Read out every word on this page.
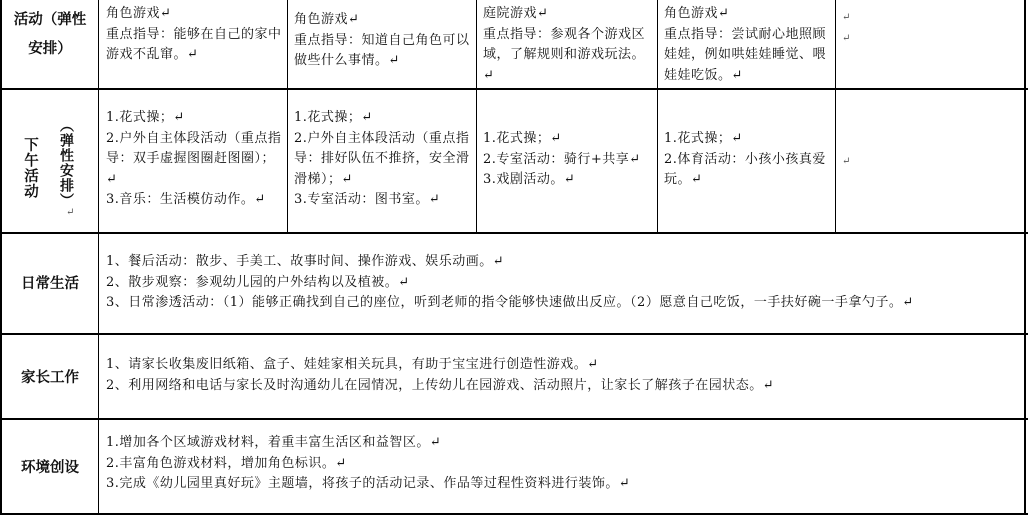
活动（弹性
安排）
角色游戏↵
重点指导：能够在自己的家中游戏不乱窜。↵
角色游戏↵
重点指导：知道自己角色可以做些什么事情。↵
庭院游戏↵
重点指导：参观各个游戏区域，了解规则和游戏玩法。↵
角色游戏↵
重点指导：尝试耐心地照顾娃娃，例如哄娃娃睡觉、喂娃娃吃饭。↵
↵
↵
下午活动 （弹性安排）
↵
1.花式操；↵
2.户外自主体段活动（重点指导：双手虚握图圈赶图圈）；↵
3.音乐：生活模仿动作。↵
1.花式操；↵
2.户外自主体段活动（重点指导：排好队伍不推挤，安全滑滑梯）；↵
3.专室活动：图书室。↵
1.花式操；↵
2.专室活动：骑行+共享↵
3.戏剧活动。↵
1.花式操；↵
2.体育活动：小孩小孩真爱玩。↵
↵
日常生活
1、餐后活动：散步、手美工、故事时间、操作游戏、娱乐动画。↵
2、散步观察：参观幼儿园的户外结构以及植被。↵
3、日常渗透活动：（1）能够正确找到自己的座位，听到老师的指令能够快速做出反应。（2）愿意自己吃饭，一手扶好碗一手拿勺子。↵
家长工作
1、请家长收集废旧纸箱、盒子、娃娃家相关玩具，有助于宝宝进行创造性游戏。↵
2、利用网络和电话与家长及时沟通幼儿在园情况，上传幼儿在园游戏、活动照片，让家长了解孩子在园状态。↵
环境创设
1.增加各个区域游戏材料，着重丰富生活区和益智区。↵
2.丰富角色游戏材料，增加角色标识。↵
3.完成《幼儿园里真好玩》主题墙，将孩子的活动记录、作品等过程性资料进行装饰。↵
